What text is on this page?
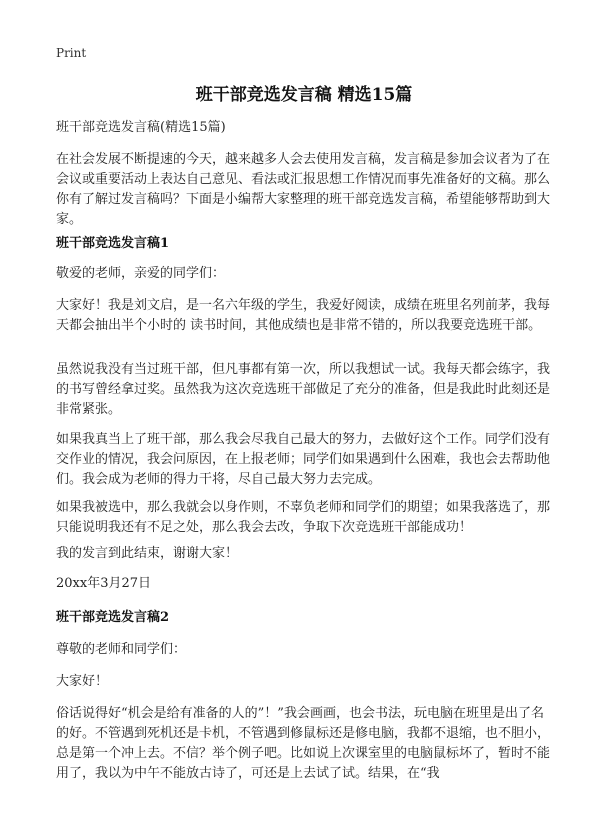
Print
班干部竞选发言稿 精选15篇

班干部竞选发言稿(精选15篇)

在社会发展不断提速的今天，越来越多人会去使用发言稿，发言稿是参加会议者为了在会议或重要活动上表达自己意见、看法或汇报思想工作情况而事先准备好的文稿。那么你有了解过发言稿吗？下面是小编帮大家整理的班干部竞选发言稿，希望能够帮助到大家。

班干部竞选发言稿1

敬爱的老师，亲爱的同学们：

大家好！我是刘文启，是一名六年级的学生，我爱好阅读，成绩在班里名列前茅，我每天都会抽出半个小时的 读书时间，其他成绩也是非常不错的，所以我要竞选班干部。

虽然说我没有当过班干部，但凡事都有第一次，所以我想试一试。我每天都会练字，我的书写曾经拿过奖。虽然我为这次竞选班干部做足了充分的准备，但是我此时此刻还是非常紧张。

如果我真当上了班干部，那么我会尽我自己最大的努力，去做好这个工作。同学们没有交作业的情况，我会问原因，在上报老师；同学们如果遇到什么困难，我也会去帮助他们。我会成为老师的得力干将，尽自己最大努力去完成。

如果我被选中，那么我就会以身作则，不辜负老师和同学们的期望；如果我落选了，那只能说明我还有不足之处，那么我会去改，争取下次竞选班干部能成功！

我的发言到此结束，谢谢大家！

20xx年3月27日

班干部竞选发言稿2

尊敬的老师和同学们：

大家好！

俗话说得好“机会是给有准备的人的”！”我会画画，也会书法，玩电脑在班里是出了名的好。不管遇到死机还是卡机，不管遇到修鼠标还是修电脑，我都不退缩，也不胆小，总是第一个冲上去。不信？举个例子吧。比如说上次课室里的电脑鼠标坏了，暂时不能用了，我以为中午不能放古诗了，可还是上去试了试。结果，在“我
